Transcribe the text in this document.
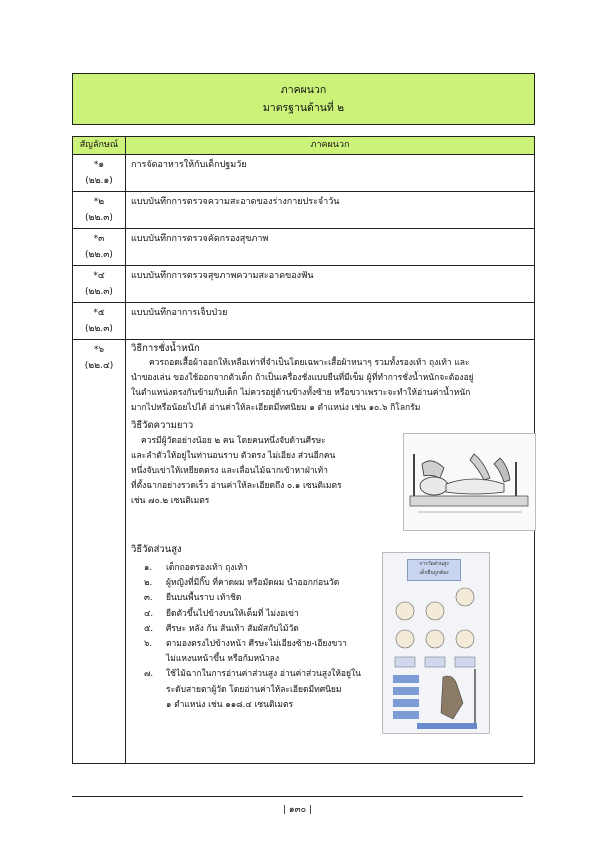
ภาคผนวก
มาตรฐานด้านที่ ๒
สัญลักษณ์	ภาคผนวก
*๑
(๒๒.๑)
การจัดอาหารให้กับเด็กปฐมวัย
*๒
(๒๒.๓)
แบบบันทึกการตรวจความสะอาดของร่างกายประจำวัน
*๓
(๒๒.๓)
แบบบันทึกการตรวจคัดกรองสุขภาพ
*๔
(๒๒.๓)
แบบบันทึกการตรวจสุขภาพความสะอาดของฟัน
*๕
(๒๒.๓)
แบบบันทึกอาการเจ็บป่วย
*๖
(๒๒.๔)
วิธีการชั่งน้ำหนัก
ควรถอดเสื้อผ้าออกให้เหลือเท่าที่จำเป็นโดยเฉพาะเสื้อผ้าหนาๆ รวมทั้งรองเท้า ถุงเท้า และ
นำของเล่น ของใช้ออกจากตัวเด็ก ถ้าเป็นเครื่องชั่งแบบยืนที่มีเข็ม ผู้ที่ทำการชั่งน้ำหนักจะต้องอยู่
ในตำแหน่งตรงกันข้ามกับเด็ก ไม่ควรอยู่ด้านข้างทั้งซ้าย หรือขวาเพราะจะทำให้อ่านค่าน้ำหนัก
มากไปหรือน้อยไปได้ อ่านค่าให้ละเอียดมีทศนิยม ๑ ตำแหน่ง เช่น ๑๐.๖ กิโลกรัม
วิธีวัดความยาว
ควรมีผู้วัดอย่างน้อย ๒ คน โดยคนหนึ่งจับด้านศีรษะ
และลำตัวให้อยู่ในท่านอนราบ ตัวตรง ไม่เอียง ส่วนอีกคน
หนึ่งจับเข่าให้เหยียดตรง และเลื่อนไม้ฉากเข้าหาฝ่าเท้า
ที่ตั้งฉากอย่างรวดเร็ว อ่านค่าให้ละเอียดถึง ๐.๑ เซนติเมตร
เช่น ๗๐.๒ เซนติเมตร
วิธีวัดส่วนสูง
๑. เด็กถอดรองเท้า ถุงเท้า
๒. ผู้หญิงที่มีกิ๊บ ที่คาดผม หรือมัดผม นำออกก่อนวัด
๓. ยืนบนพื้นราบ เท้าชิด
๔. ยืดตัวขึ้นไปข้างบนให้เต็มที่ ไม่งอเข่า
๕. ศีรษะ หลัง ก้น ส้นเท้า สัมผัสกับไม้วัด
๖. ตามองตรงไปข้างหน้า ศีรษะไม่เอียงซ้าย-เอียงขวา
ไม่แหงนหน้าขึ้น หรือก้มหน้าลง
๗. ใช้ไม้ฉากในการอ่านค่าส่วนสูง อ่านค่าส่วนสูงให้อยู่ใน
ระดับสายตาผู้วัด โดยอ่านค่าให้ละเอียดมีทศนิยม
๑ ตำแหน่ง เช่น ๑๑๘.๔ เซนติเมตร
การวัดส่วนสูง
เด็กยืนถูกต้อง
| ๑๓๐ |
